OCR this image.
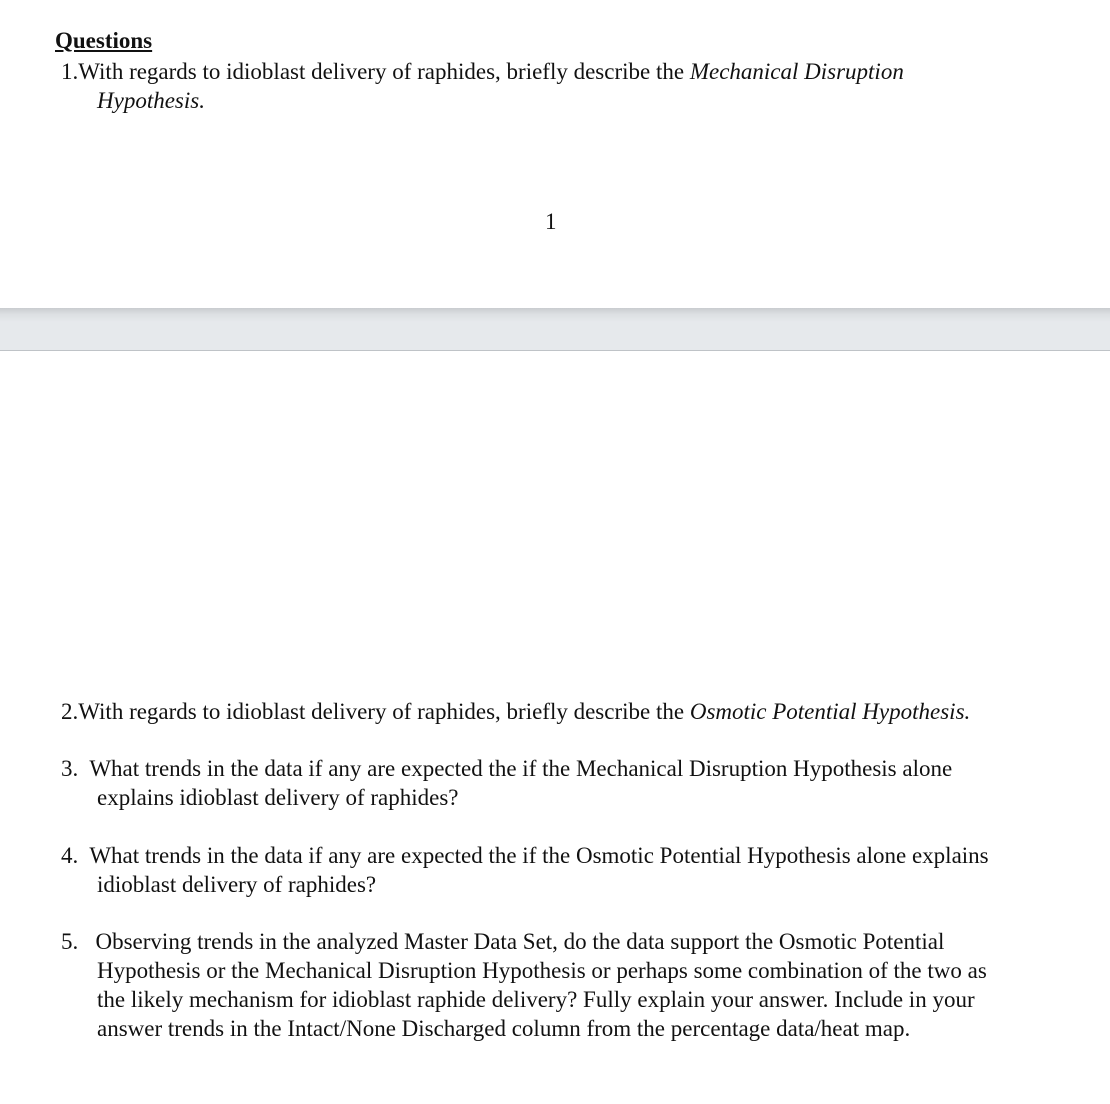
Questions

1.With regards to idioblast delivery of raphides, briefly describe the Mechanical Disruption
Hypothesis.

1

2.With regards to idioblast delivery of raphides, briefly describe the Osmotic Potential Hypothesis.

3. What trends in the data if any are expected the if the Mechanical Disruption Hypothesis alone
explains idioblast delivery of raphides?

4. What trends in the data if any are expected the if the Osmotic Potential Hypothesis alone explains
idioblast delivery of raphides?

5. Observing trends in the analyzed Master Data Set, do the data support the Osmotic Potential
Hypothesis or the Mechanical Disruption Hypothesis or perhaps some combination of the two as
the likely mechanism for idioblast raphide delivery? Fully explain your answer. Include in your
answer trends in the Intact/None Discharged column from the percentage data/heat map.
